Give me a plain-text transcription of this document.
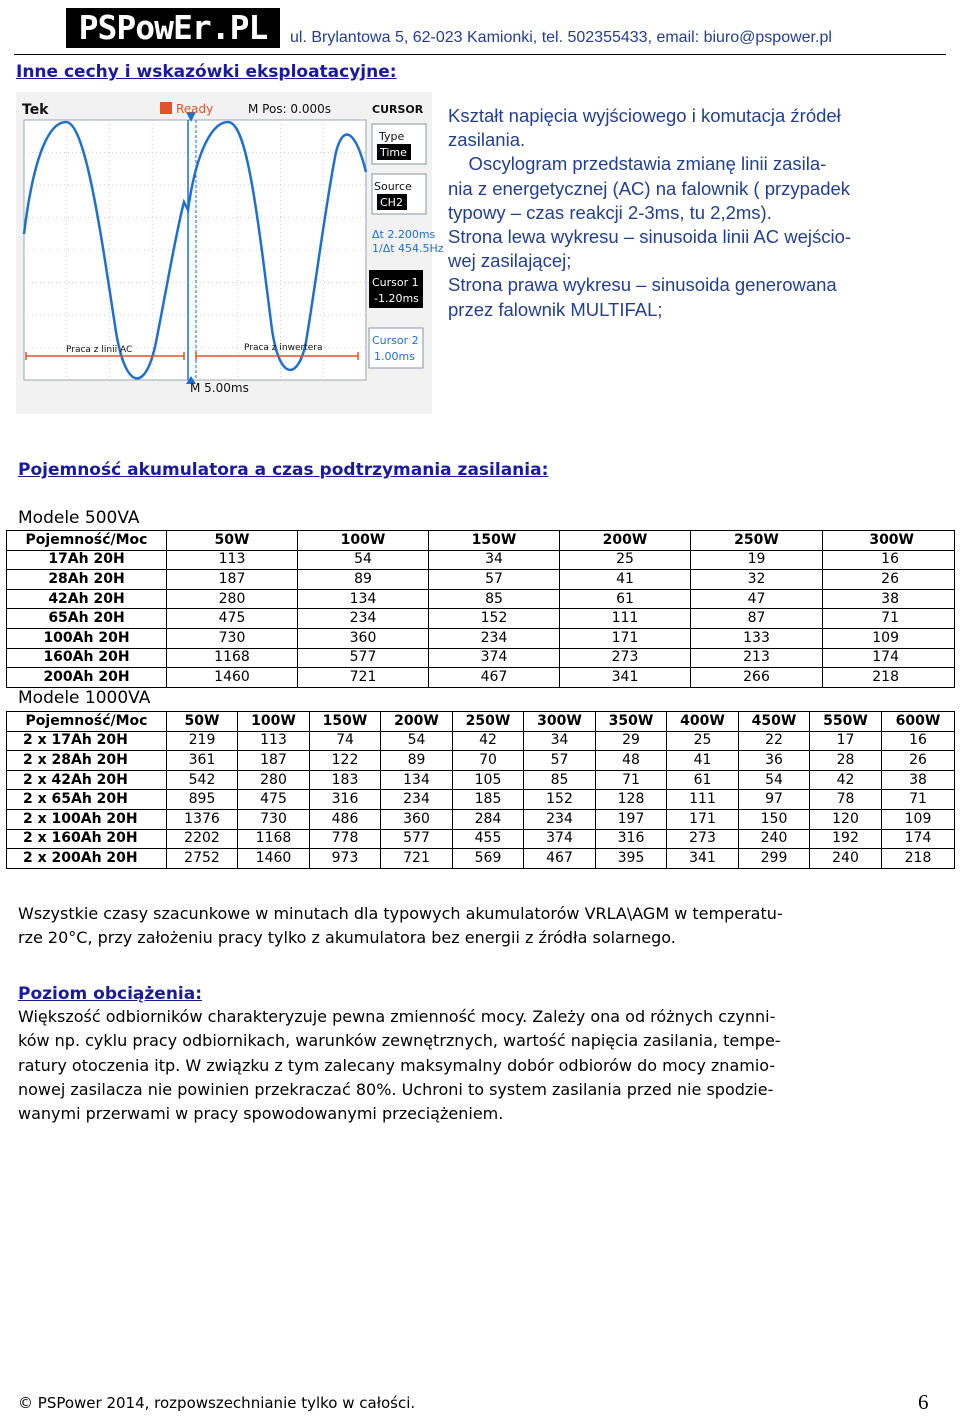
PSPowEr.PL ul. Brylantowa 5, 62-023 Kamionki, tel. 502355433, email: biuro@pspower.pl
Inne cechy i wskazówki eksploatacyjne:
Tek	Ready	M Pos: 0.000s	CURSOR
Type
Time
Source
CH2
Δt 2.200ms
1/Δt 454.5Hz
Cursor 1
-1.20ms
Cursor 2
1.00ms
Praca z linii AC	Praca z inwertera
M 5.00ms
Kształt napięcia wyjściowego i komutacja źródeł
zasilania.
Oscylogram przedstawia zmianę linii zasila-
nia z energetycznej (AC) na falownik ( przypadek
typowy – czas reakcji 2-3ms, tu 2,2ms).
Strona lewa wykresu – sinusoida linii AC wejścio-
wej zasilającej;
Strona prawa wykresu – sinusoida generowana
przez falownik MULTIFAL;
Pojemność akumulatora a czas podtrzymania zasilania:
Modele 500VA
Pojemność/Moc	50W	100W	150W	200W	250W	300W
17Ah 20H	113	54	34	25	19	16
28Ah 20H	187	89	57	41	32	26
42Ah 20H	280	134	85	61	47	38
65Ah 20H	475	234	152	111	87	71
100Ah 20H	730	360	234	171	133	109
160Ah 20H	1168	577	374	273	213	174
200Ah 20H	1460	721	467	341	266	218
Modele 1000VA
Pojemność/Moc	50W	100W	150W	200W	250W	300W	350W	400W	450W	550W	600W
2 x 17Ah 20H	219	113	74	54	42	34	29	25	22	17	16
2 x 28Ah 20H	361	187	122	89	70	57	48	41	36	28	26
2 x 42Ah 20H	542	280	183	134	105	85	71	61	54	42	38
2 x 65Ah 20H	895	475	316	234	185	152	128	111	97	78	71
2 x 100Ah 20H	1376	730	486	360	284	234	197	171	150	120	109
2 x 160Ah 20H	2202	1168	778	577	455	374	316	273	240	192	174
2 x 200Ah 20H	2752	1460	973	721	569	467	395	341	299	240	218
Wszystkie czasy szacunkowe w minutach dla typowych akumulatorów VRLA\AGM w temperatu-
rze 20°C, przy założeniu pracy tylko z akumulatora bez energii z źródła solarnego.
Poziom obciążenia:
Większość odbiorników charakteryzuje pewna zmienność mocy. Zależy ona od różnych czynni-
ków np. cyklu pracy odbiornikach, warunków zewnętrznych, wartość napięcia zasilania, tempe-
ratury otoczenia itp. W związku z tym zalecany maksymalny dobór odbiorów do mocy znamio-
nowej zasilacza nie powinien przekraczać 80%. Uchroni to system zasilania przed nie spodzie-
wanymi przerwami w pracy spowodowanymi przeciążeniem.
© PSPower 2014, rozpowszechnianie tylko w całości.	6
